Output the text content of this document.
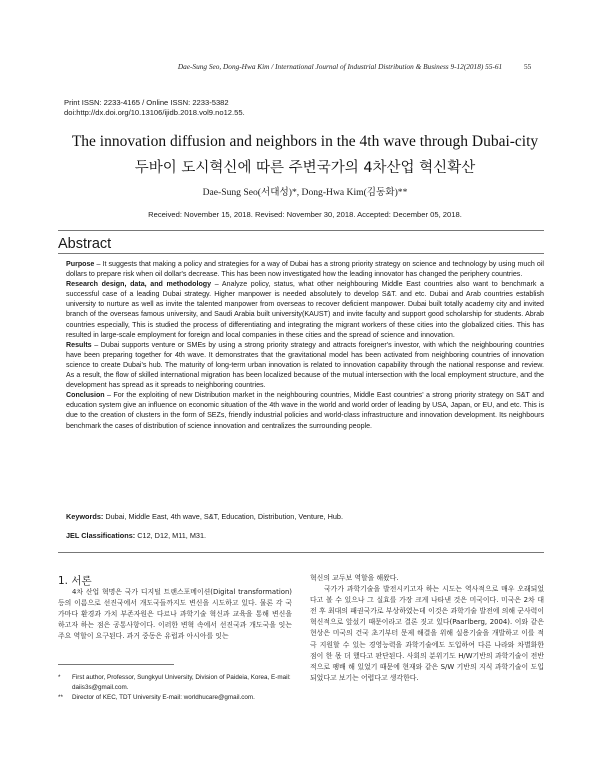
Dae-Sung Seo, Dong-Hwa Kim / International Journal of Industrial Distribution & Business 9-12(2018) 55-61	55
Print ISSN: 2233-4165 / Online ISSN: 2233-5382
doi:http://dx.doi.org/10.13106/ijidb.2018.vol9.no12.55.
The innovation diffusion and neighbors in the 4th wave through Dubai-city
두바이 도시혁신에 따른 주변국가의 4차산업 혁신확산
Dae-Sung Seo(서대성)*, Dong-Hwa Kim(김동화)**
Received: November 15, 2018. Revised: November 30, 2018. Accepted: December 05, 2018.
Abstract

Purpose – It suggests that making a policy and strategies for a way of Dubai has a strong priority strategy on science and technology by using much oil dollars to prepare risk when oil dollar's decrease. This has been now investigated how the leading innovator has changed the periphery countries.

Research design, data, and methodology – Analyze policy, status, what other neighbouring Middle East countries also want to benchmark a successful case of a leading Dubai strategy. Higher manpower is needed absolutely to develop S&T. and etc. Dubai and Arab countries establish university to nurture as well as invite the talented manpower from overseas to recover deficient manpower. Dubai built totally academy city and invited branch of the overseas famous university, and Saudi Arabia built university(KAUST) and invite faculty and support good scholarship for students. Abrab countries especially, This is studied the process of differentiating and integrating the migrant workers of these cities into the globalized cities. This has resulted in large-scale employment for foreign and local companies in these cities and the spread of science and innovation.

Results – Dubai supports venture or SMEs by using a strong priority strategy and attracts foreigner's investor, with which the neighbouring countries have been preparing together for 4th wave. It demonstrates that the gravitational model has been activated from neighboring countries of innovation science to create Dubai's hub. The maturity of long-term urban innovation is related to innovation capability through the national response and review. As a result, the flow of skilled international migration has been localized because of the mutual intersection with the local employment structure, and the development has spread as it spreads to neighboring countries.

Conclusion – For the exploiting of new Distribution market in the neighbouring countries, Middle East countries' a strong priority strategy on S&T and education system give an influence on economic situation of the 4th wave in the world and world order of leading by USA, Japan, or EU, and etc. This is due to the creation of clusters in the form of SEZs, friendly industrial policies and world-class infrastructure and innovation development. Its neighbours benchmark the cases of distribution of science innovation and centralizes the surrounding people.

Keywords: Dubai, Middle East, 4th wave, S&T, Education, Distribution, Venture, Hub.
JEL Classifications: C12, D12, M11, M31.
1. 서론
4차 산업 혁명은 국가 디지털 트랜스포메이션(Digital transformation) 등의 이름으로 선진국에서 개도국들까지도 변신을 시도하고 있다. 물론 각 국가마다 환경과 가치 부존자원은 다르나 과학기술 혁신과 교육을 통해 변신을 하고자 하는 점은 공통사항이다. 이러한 변혁 속에서 선진국과 개도국을 잇는 주요 역할이 요구된다. 과거 중동은 유럽과 아시아를 잇는

혁신의 교두보 역할을 해왔다.

국가가 과학기술을 발전시키고자 하는 시도는 역사적으로 매우 오래되었다고 볼 수 있으나 그 실효를 가장 크게 나타낸 것은 미국이다. 미국은 2차 대전 후 최대의 패권국가로 부상하였는데 이것은 과학기술 발전에 의해 군사력이 혁신적으로 앞섰기 때문이라고 결론 짓고 있다(Paarlberg, 2004). 이와 같은 현상은 미국의 건국 초기부터 문제 해결을 위해 실용기술을 개발하고 이를 적극 지원할 수 있는 경영능력을 과학기술에도 도입하여 다른 나라와 차별화한 점이 한 몫 더 했다고 판단된다. 사회의 분위기도 H/W기반의 과학기술이 전반적으로 팽배 해 있었기 때문에 현재와 같은 S/W 기반의 지식 과학기술이 도입되었다고 보기는 어렵다고 생각한다.

*	First author, Professor, Sungkyul University, Division of Paideia, Korea, E-mail: daiis3s@gmail.com.
**	Director of KEC, TDT University E-mail: worldhucare@gmail.com.
